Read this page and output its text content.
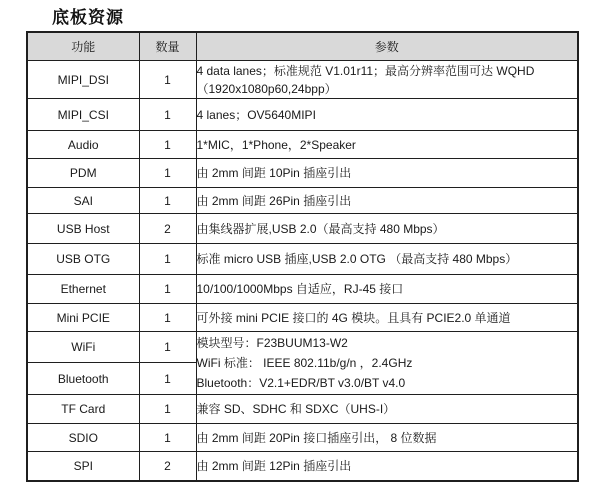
底板资源
功能	数量	参数
MIPI_DSI	1	4 data lanes；标准规范 V1.01r11；最高分辨率范围可达 WQHD
（1920x1080p60,24bpp）

MIPI_CSI	1	4 lanes；OV5640MIPI

Audio	1	1*MIC，1*Phone，2*Speaker

PDM	1	由 2mm 间距 10Pin 插座引出

SAI	1	由 2mm 间距 26Pin 插座引出

USB Host	2	由集线器扩展,USB 2.0（最高支持 480 Mbps）

USB OTG	1	标准 micro USB 插座,USB 2.0 OTG （最高支持 480 Mbps）

Ethernet	1	10/100/1000Mbps 自适应，RJ-45 接口

Mini PCIE	1	可外接 mini PCIE 接口的 4G 模块。且具有 PCIE2.0 单通道

WiFi	1	模块型号：F23BUUM13-W2
WiFi 标准： IEEE 802.11b/g/n ，2.4GHz
Bluetooth：V2.1+EDR/BT v3.0/BT v4.0

Bluetooth	1	
TF Card	1	兼容 SD、SDHC 和 SDXC（UHS-I）

SDIO	1	由 2mm 间距 20Pin 接口插座引出， 8 位数据

SPI	2	由 2mm 间距 12Pin 插座引出
